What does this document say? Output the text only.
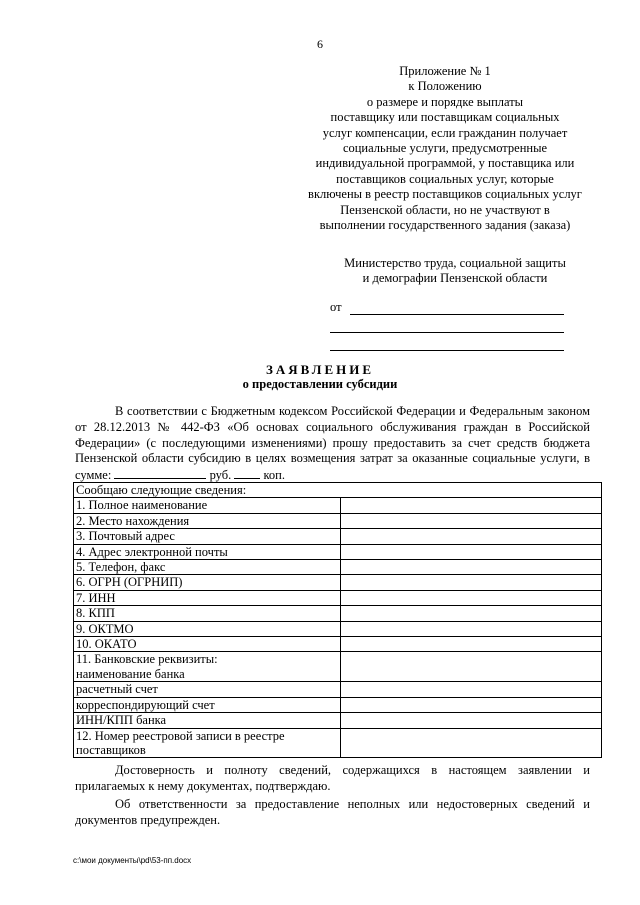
6
Приложение № 1
к Положению
о размере и порядке выплаты
поставщику или поставщикам социальных
услуг компенсации, если гражданин получает
социальные услуги, предусмотренные
индивидуальной программой, у поставщика или
поставщиков социальных услуг, которые
включены в реестр поставщиков социальных услуг
Пензенской области, но не участвуют в
выполнении государственного задания (заказа)
Министерство труда, социальной защиты
и демографии Пензенской области
от
ЗАЯВЛЕНИЕ
о предоставлении субсидии

В соответствии с Бюджетным кодексом Российской Федерации и Федеральным законом от 28.12.2013 № 442-ФЗ «Об основах социального обслуживания граждан в Российской Федерации» (с последующими изменениями) прошу предоставить за счет средств бюджета Пензенской области субсидию в целях возмещения затрат за оказанные социальные услуги, в сумме:	руб.	коп.

Сообщаю следующие сведения:	
1. Полное наименование	
2. Место нахождения	
3. Почтовый адрес	
4. Адрес электронной почты	
5. Телефон, факс	
6. ОГРН (ОГРНИП)	
7. ИНН	
8. КПП	
9. ОКТМО	
10. ОКАТО	

11. Банковские реквизиты:
наименование банка	

расчетный счет	
корреспондирующий счет	
ИНН/КПП банка	

12. Номер реестровой записи в реестре
поставщиков	

Достоверность и полноту сведений, содержащихся в настоящем заявлении и прилагаемых к нему документах, подтверждаю.

Об ответственности за предоставление неполных или недостоверных сведений и документов предупрежден.

c:\мои документы\pd\53-пп.docx
